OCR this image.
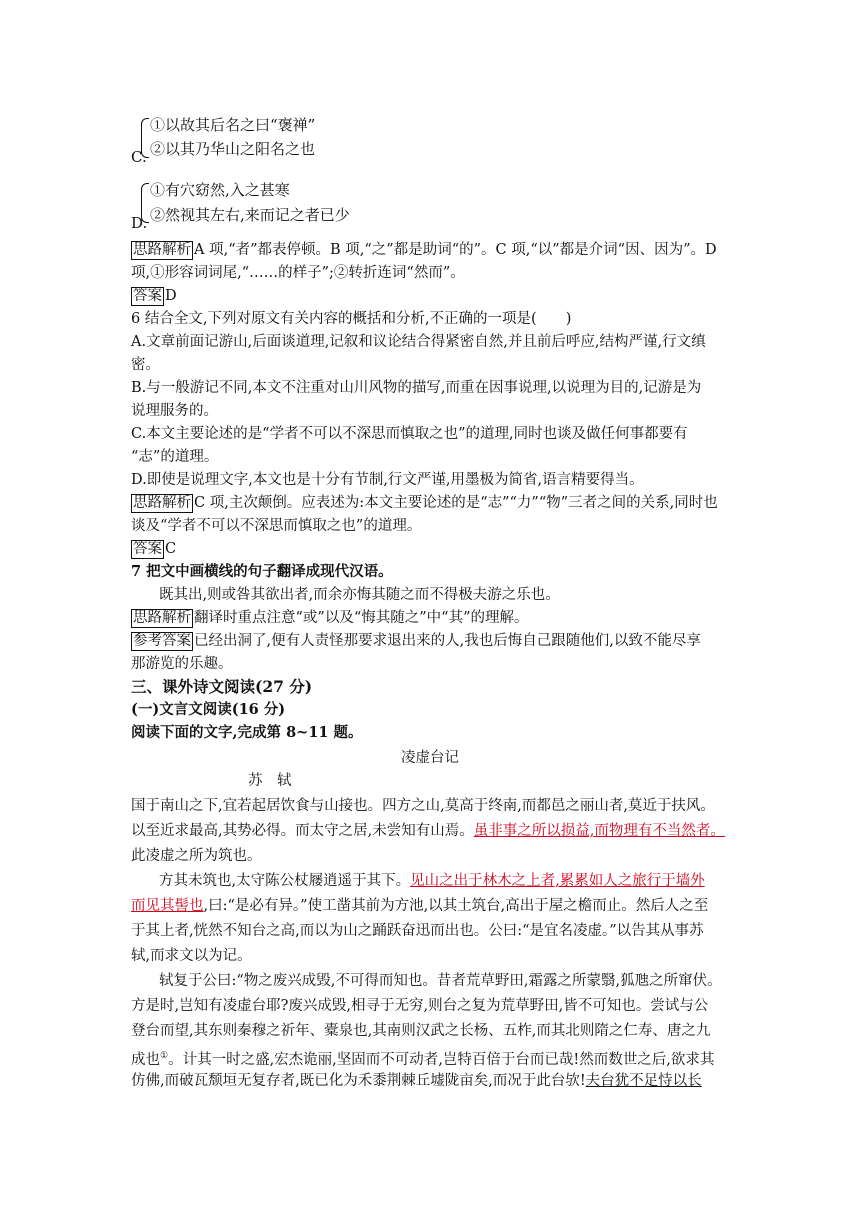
①以故其后名之曰“褒禅”
②以其乃华山之阳名之也
C.
①有穴窈然,入之甚寒
②然视其左右,来而记之者已少
D.
思路解析 A 项,“者”都表停顿。B 项,“之”都是助词“的”。C 项,“以”都是介词“因、因为”。D
项,①形容词词尾,“……的样子”;②转折连词“然而”。
答案 D
6 结合全文,下列对原文有关内容的概括和分析,不正确的一项是(　　)
A.文章前面记游山,后面谈道理,记叙和议论结合得紧密自然,并且前后呼应,结构严谨,行文缜
密。
B.与一般游记不同,本文不注重对山川风物的描写,而重在因事说理,以说理为目的,记游是为
说理服务的。
C.本文主要论述的是“学者不可以不深思而慎取之也”的道理,同时也谈及做任何事都要有
“志”的道理。
D.即使是说理文字,本文也是十分有节制,行文严谨,用墨极为简省,语言精要得当。
思路解析 C 项,主次颠倒。应表述为:本文主要论述的是“志”“力”“物”三者之间的关系,同时也
谈及“学者不可以不深思而慎取之也”的道理。
答案 C
7 把文中画横线的句子翻译成现代汉语。
既其出,则或咎其欲出者,而余亦悔其随之而不得极夫游之乐也。
思路解析 翻译时重点注意“或”以及“悔其随之”中“其”的理解。
参考答案 已经出洞了,便有人责怪那要求退出来的人,我也后悔自己跟随他们,以致不能尽享
那游览的乐趣。
三、课外诗文阅读(27 分)
(一)文言文阅读(16 分)
阅读下面的文字,完成第 8~11 题。
凌虚台记
苏　轼
国于南山之下,宜若起居饮食与山接也。四方之山,莫高于终南,而都邑之丽山者,莫近于扶风。
以至近求最高,其势必得。而太守之居,未尝知有山焉。虽非事之所以损益,而物理有不当然者。
此凌虚之所为筑也。
方其未筑也,太守陈公杖屦逍遥于其下。见山之出于林木之上者,累累如人之旅行于墙外
而见其髻也,曰:“是必有异。”使工凿其前为方池,以其土筑台,高出于屋之檐而止。然后人之至
于其上者,恍然不知台之高,而以为山之踊跃奋迅而出也。公曰:“是宜名凌虚。”以告其从事苏
轼,而求文以为记。
轼复于公曰:“物之废兴成毁,不可得而知也。昔者荒草野田,霜露之所蒙翳,狐虺之所窜伏。
方是时,岂知有凌虚台耶?废兴成毁,相寻于无穷,则台之复为荒草野田,皆不可知也。尝试与公
登台而望,其东则秦穆之祈年、橐泉也,其南则汉武之长杨、五柞,而其北则隋之仁寿、唐之九
成也①。计其一时之盛,宏杰诡丽,坚固而不可动者,岂特百倍于台而已哉!然而数世之后,欲求其
仿佛,而破瓦颓垣无复存者,既已化为禾黍荆棘丘墟陇亩矣,而况于此台欤!夫台犹不足恃以长
